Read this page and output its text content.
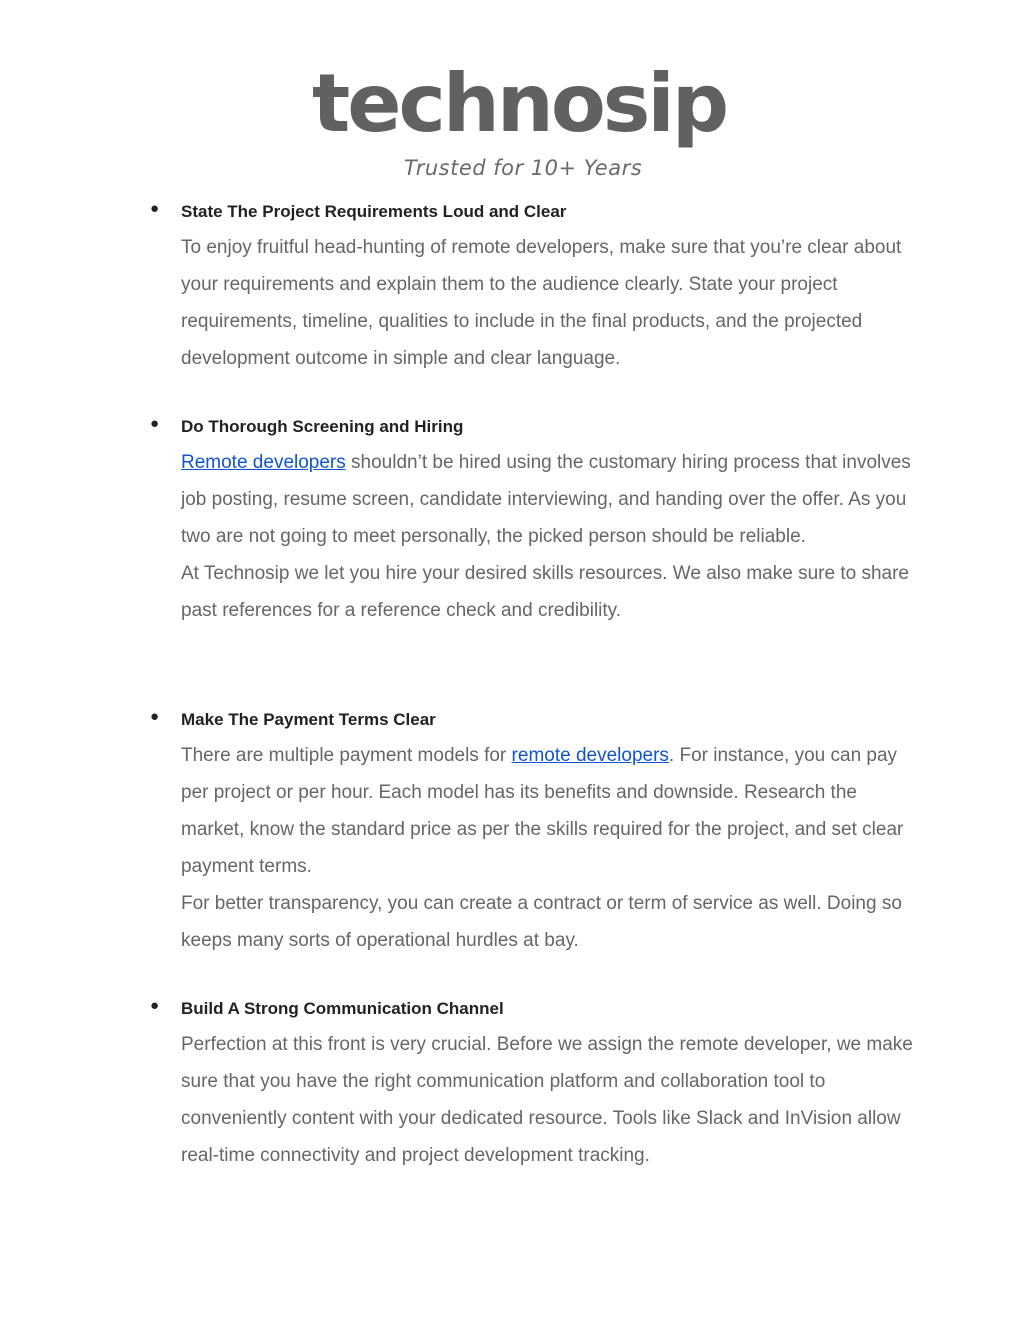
technosip
Trusted for 10+ Years
● State The Project Requirements Loud and Clear
To enjoy fruitful head-hunting of remote developers, make sure that you’re clear about your requirements and explain them to the audience clearly. State your project requirements, timeline, qualities to include in the final products, and the projected development outcome in simple and clear language.
● Do Thorough Screening and Hiring
Remote developers shouldn’t be hired using the customary hiring process that involves job posting, resume screen, candidate interviewing, and handing over the offer. As you two are not going to meet personally, the picked person should be reliable.
At Technosip we let you hire your desired skills resources. We also make sure to share past references for a reference check and credibility.
● Make The Payment Terms Clear
There are multiple payment models for remote developers. For instance, you can pay per project or per hour. Each model has its benefits and downside. Research the market, know the standard price as per the skills required for the project, and set clear payment terms.
For better transparency, you can create a contract or term of service as well. Doing so keeps many sorts of operational hurdles at bay.
● Build A Strong Communication Channel
Perfection at this front is very crucial. Before we assign the remote developer, we make sure that you have the right communication platform and collaboration tool to conveniently content with your dedicated resource. Tools like Slack and InVision allow real-time connectivity and project development tracking.
